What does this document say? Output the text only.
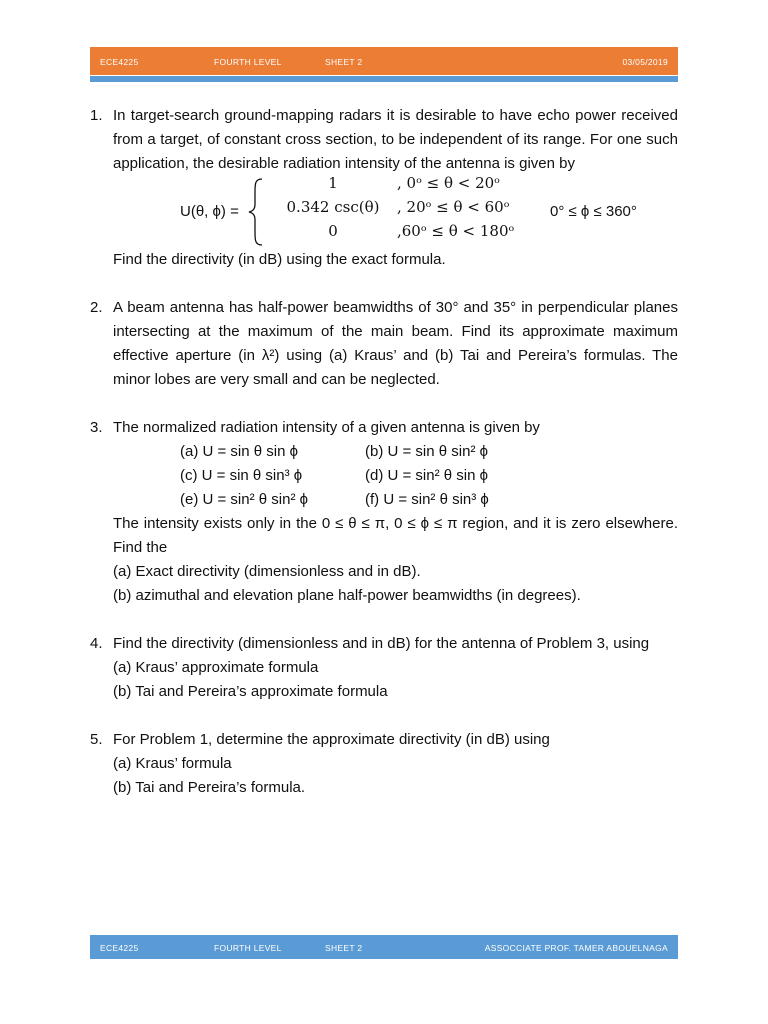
ECE4225	FOURTH LEVEL	SHEET 2	03/05/2019
1. In target-search ground-mapping radars it is desirable to have echo power received from a target, of constant cross section, to be independent of its range. For one such application, the desirable radiation intensity of the antenna is given by
U(θ, ϕ) =
1	, 0ᵒ ≤ θ < 20ᵒ
0.342 csc(θ)	, 20ᵒ ≤ θ < 60ᵒ
0	,60ᵒ ≤ θ < 180ᵒ
0° ≤ ϕ ≤ 360°
Find the directivity (in dB) using the exact formula.
2. A beam antenna has half-power beamwidths of 30° and 35° in perpendicular planes intersecting at the maximum of the main beam. Find its approximate maximum effective aperture (in λ²) using (a) Kraus’ and (b) Tai and Pereira’s formulas. The minor lobes are very small and can be neglected.
3. The normalized radiation intensity of a given antenna is given by
(a) U = sin θ sin ϕ	(b) U = sin θ sin² ϕ
(c) U = sin θ sin³ ϕ	(d) U = sin² θ sin ϕ
(e) U = sin² θ sin² ϕ	(f) U = sin² θ sin³ ϕ
The intensity exists only in the 0 ≤ θ ≤ π, 0 ≤ ϕ ≤ π region, and it is zero elsewhere. Find the
(a) Exact directivity (dimensionless and in dB).
(b) azimuthal and elevation plane half-power beamwidths (in degrees).
4. Find the directivity (dimensionless and in dB) for the antenna of Problem 3, using
(a) Kraus’ approximate formula
(b) Tai and Pereira’s approximate formula
5. For Problem 1, determine the approximate directivity (in dB) using
(a) Kraus’ formula
(b) Tai and Pereira’s formula.
ECE4225	FOURTH LEVEL	SHEET 2	ASSOCCIATE PROF. TAMER ABOUELNAGA
